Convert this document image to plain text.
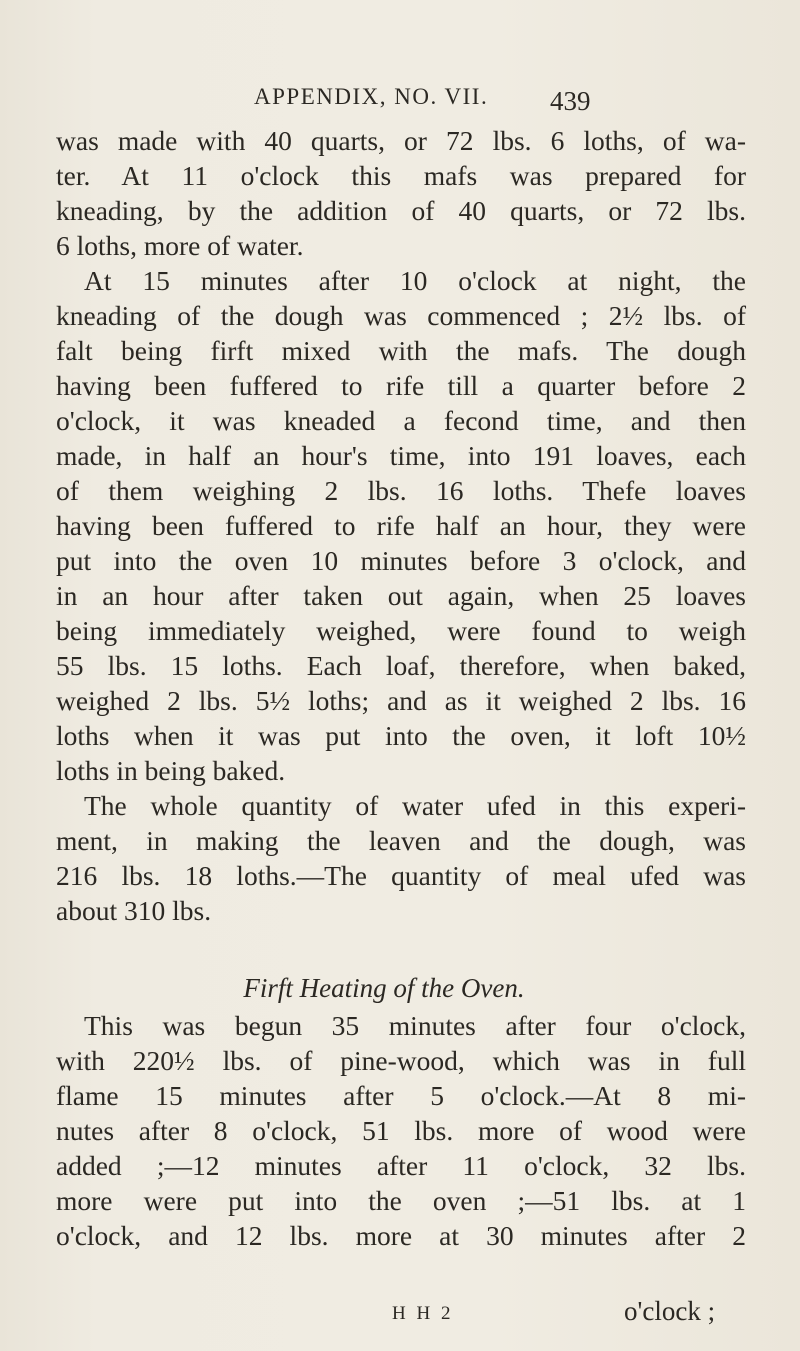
APPENDIX, NO. VII. 439
was made with 40 quarts, or 72 lbs. 6 loths, of wa-
ter. At 11 o'clock this mafs was prepared for
kneading, by the addition of 40 quarts, or 72 lbs.
6 loths, more of water.
At 15 minutes after 10 o'clock at night, the
kneading of the dough was commenced ; 2½ lbs. of
falt being firft mixed with the mafs. The dough
having been fuffered to rife till a quarter before 2
o'clock, it was kneaded a fecond time, and then
made, in half an hour's time, into 191 loaves, each
of them weighing 2 lbs. 16 loths. Thefe loaves
having been fuffered to rife half an hour, they were
put into the oven 10 minutes before 3 o'clock, and
in an hour after taken out again, when 25 loaves
being immediately weighed, were found to weigh
55 lbs. 15 loths. Each loaf, therefore, when baked,
weighed 2 lbs. 5½ loths; and as it weighed 2 lbs. 16
loths when it was put into the oven, it loft 10½
loths in being baked.
The whole quantity of water ufed in this experi-
ment, in making the leaven and the dough, was
216 lbs. 18 loths.—The quantity of meal ufed was
about 310 lbs.
Firft Heating of the Oven.
This was begun 35 minutes after four o'clock,
with 220½ lbs. of pine-wood, which was in full
flame 15 minutes after 5 o'clock.—At 8 mi-
nutes after 8 o'clock, 51 lbs. more of wood were
added ;—12 minutes after 11 o'clock, 32 lbs.
more were put into the oven ;—51 lbs. at 1
o'clock, and 12 lbs. more at 30 minutes after 2
H H 2	o'clock ;
